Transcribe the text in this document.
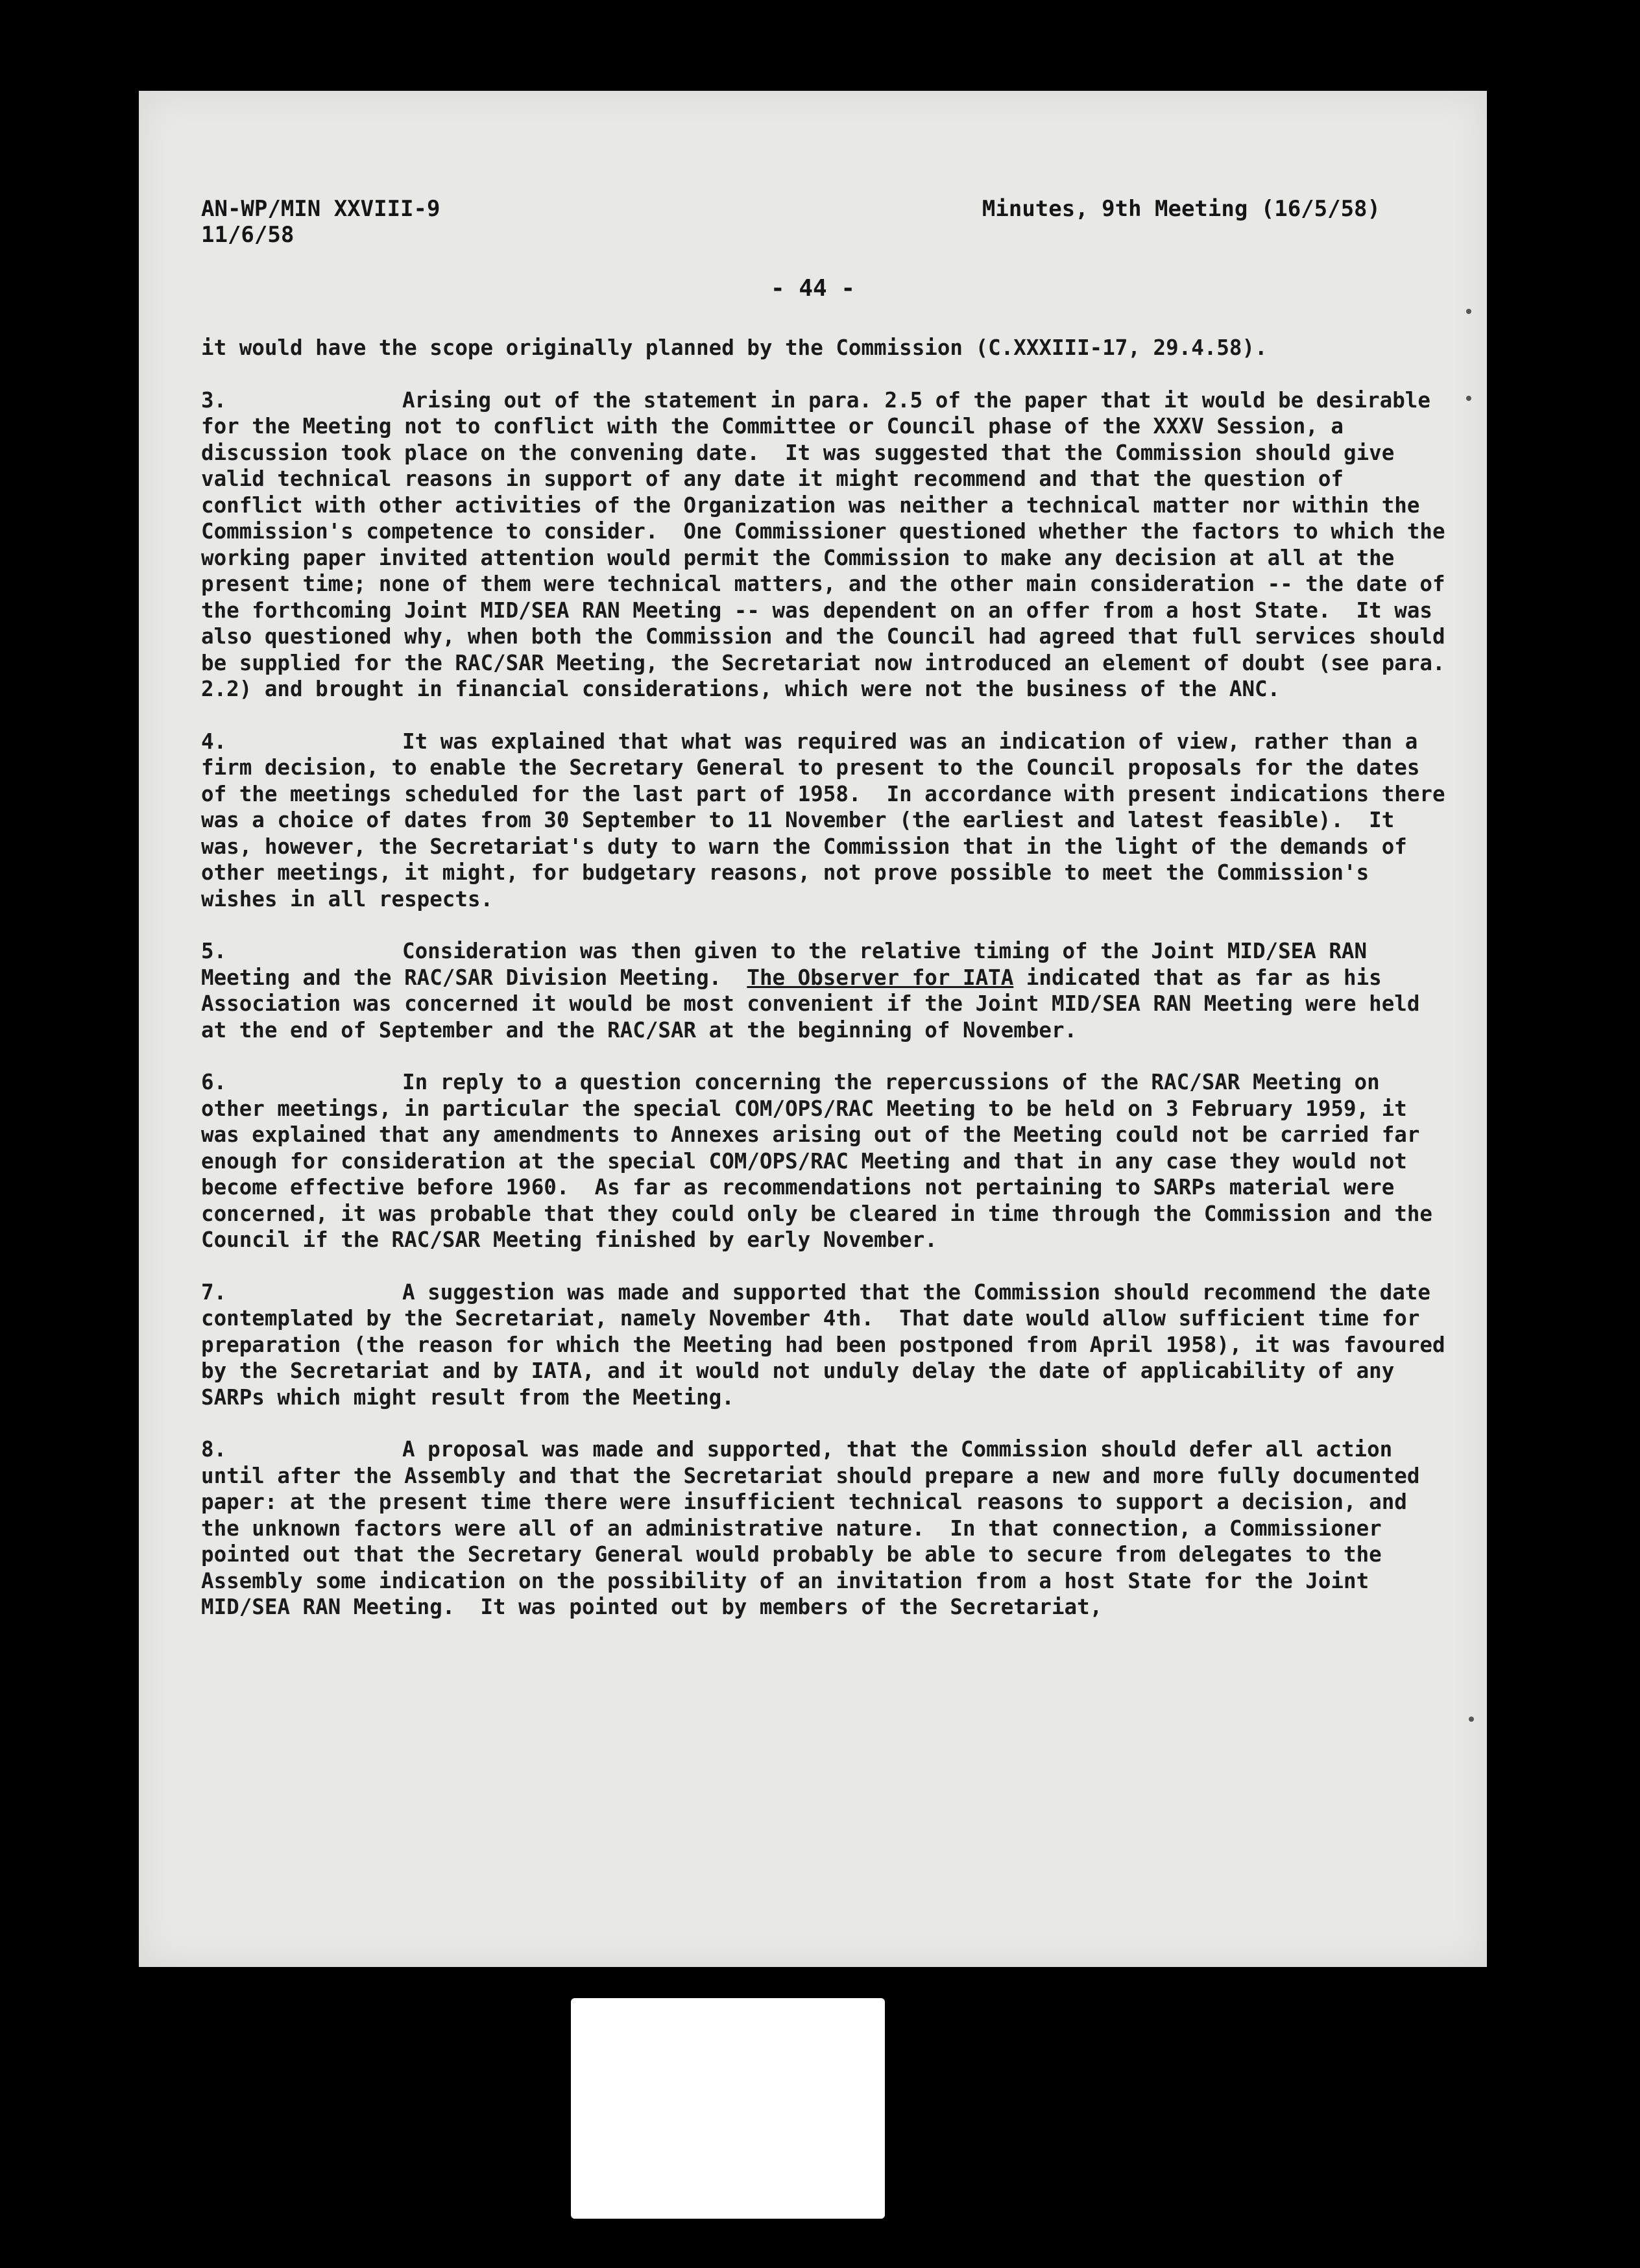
AN-WP/MIN XXVIII-9
11/6/58
Minutes, 9th Meeting (16/5/58)
- 44 -

it would have the scope originally planned by the Commission (C.XXXIII-17, 29.4.58).

3.	Arising out of the statement in para. 2.5 of the paper that it would be desirable for the Meeting not to conflict with the Committee or Council phase of the XXXV Session, a discussion took place on the convening date.  It was suggested that the Commission should give valid technical reasons in support of any date it might recommend and that the question of conflict with other activities of the Organization was neither a technical matter nor within the Commission's competence to consider.  One Commissioner questioned whether the factors to which the working paper invited attention would permit the Commission to make any decision at all at the present time; none of them were technical matters, and the other main consideration -- the date of the forthcoming Joint MID/SEA RAN Meeting -- was dependent on an offer from a host State.  It was also questioned why, when both the Commission and the Council had agreed that full services should be supplied for the RAC/SAR Meeting, the Secretariat now introduced an element of doubt (see para. 2.2) and brought in financial considerations, which were not the business of the ANC.

4.	It was explained that what was required was an indication of view, rather than a firm decision, to enable the Secretary General to present to the Council proposals for the dates of the meetings scheduled for the last part of 1958.  In accordance with present indications there was a choice of dates from 30 September to 11 November (the earliest and latest feasible).  It was, however, the Secretariat's duty to warn the Commission that in the light of the demands of other meetings, it might, for budgetary reasons, not prove possible to meet the Commission's wishes in all respects.

5.	Consideration was then given to the relative timing of the Joint MID/SEA RAN Meeting and the RAC/SAR Division Meeting.  The Observer for IATA indicated that as far as his Association was concerned it would be most convenient if the Joint MID/SEA RAN Meeting were held at the end of September and the RAC/SAR at the beginning of November.

6.	In reply to a question concerning the repercussions of the RAC/SAR Meeting on other meetings, in particular the special COM/OPS/RAC Meeting to be held on 3 February 1959, it was explained that any amendments to Annexes arising out of the Meeting could not be carried far enough for consideration at the special COM/OPS/RAC Meeting and that in any case they would not become effective before 1960.  As far as recommendations not pertaining to SARPs material were concerned, it was probable that they could only be cleared in time through the Commission and the Council if the RAC/SAR Meeting finished by early November.

7.	A suggestion was made and supported that the Commission should recommend the date contemplated by the Secretariat, namely November 4th.  That date would allow sufficient time for preparation (the reason for which the Meeting had been postponed from April 1958), it was favoured by the Secretariat and by IATA, and it would not unduly delay the date of applicability of any SARPs which might result from the Meeting.

8.	A proposal was made and supported, that the Commission should defer all action until after the Assembly and that the Secretariat should prepare a new and more fully documented paper: at the present time there were insufficient technical reasons to support a decision, and the unknown factors were all of an administrative nature.  In that connection, a Commissioner pointed out that the Secretary General would probably be able to secure from delegates to the Assembly some indication on the possibility of an invitation from a host State for the Joint MID/SEA RAN Meeting.  It was pointed out by members of the Secretariat,
